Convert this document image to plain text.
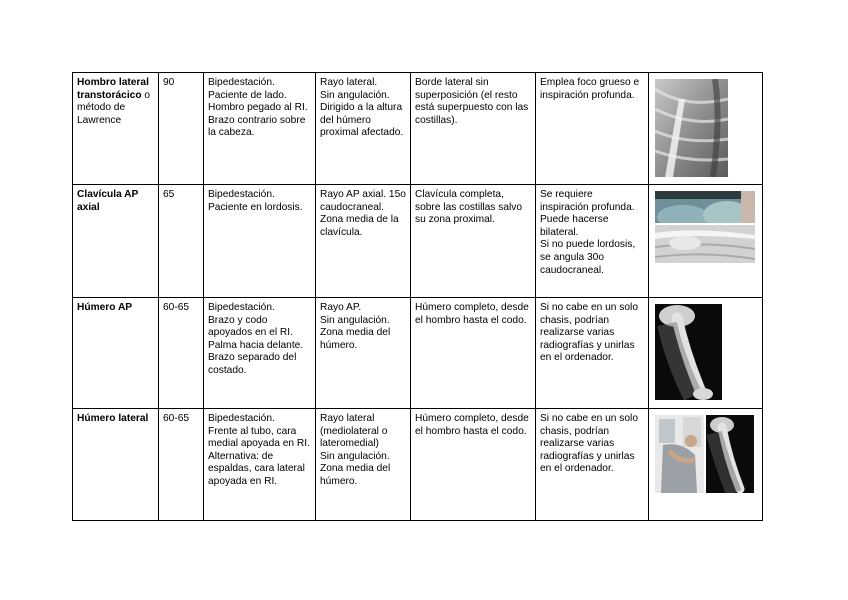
Hombro lateral transtorácico o método de Lawrence	90	Bipedestación.
Paciente de lado.
Hombro pegado al RI. Brazo contrario sobre la cabeza.	Rayo lateral.
Sin angulación.
Dirigido a la altura del húmero proximal afectado.	Borde lateral sin superposición (el resto está superpuesto con las costillas).	Emplea foco grueso e inspiración profunda.

Clavícula AP axial	65	Bipedestación.
Paciente en lordosis.	Rayo AP axial. 15o caudocraneal.
Zona media de la clavícula.	Clavícula completa, sobre las costillas salvo su zona proximal.	Se requiere inspiración profunda.
Puede hacerse bilateral.
Si no puede lordosis, se angula 30o caudocraneal.

Húmero AP	60-65	Bipedestación.
Brazo y codo apoyados en el RI. Palma hacia delante. Brazo separado del costado.	Rayo AP.
Sin angulación.
Zona media del húmero.	Húmero completo, desde el hombro hasta el codo.	Si no cabe en un solo chasis, podrían realizarse varias radiografías y unirlas en el ordenador.

Húmero lateral	60-65	Bipedestación.
Frente al tubo, cara medial apoyada en RI.
Alternativa: de espaldas, cara lateral apoyada en RI.	Rayo lateral (mediolateral o lateromedial)
Sin angulación.
Zona media del húmero.	Húmero completo, desde el hombro hasta el codo.	Si no cabe en un solo chasis, podrían realizarse varias radiografías y unirlas en el ordenador.
